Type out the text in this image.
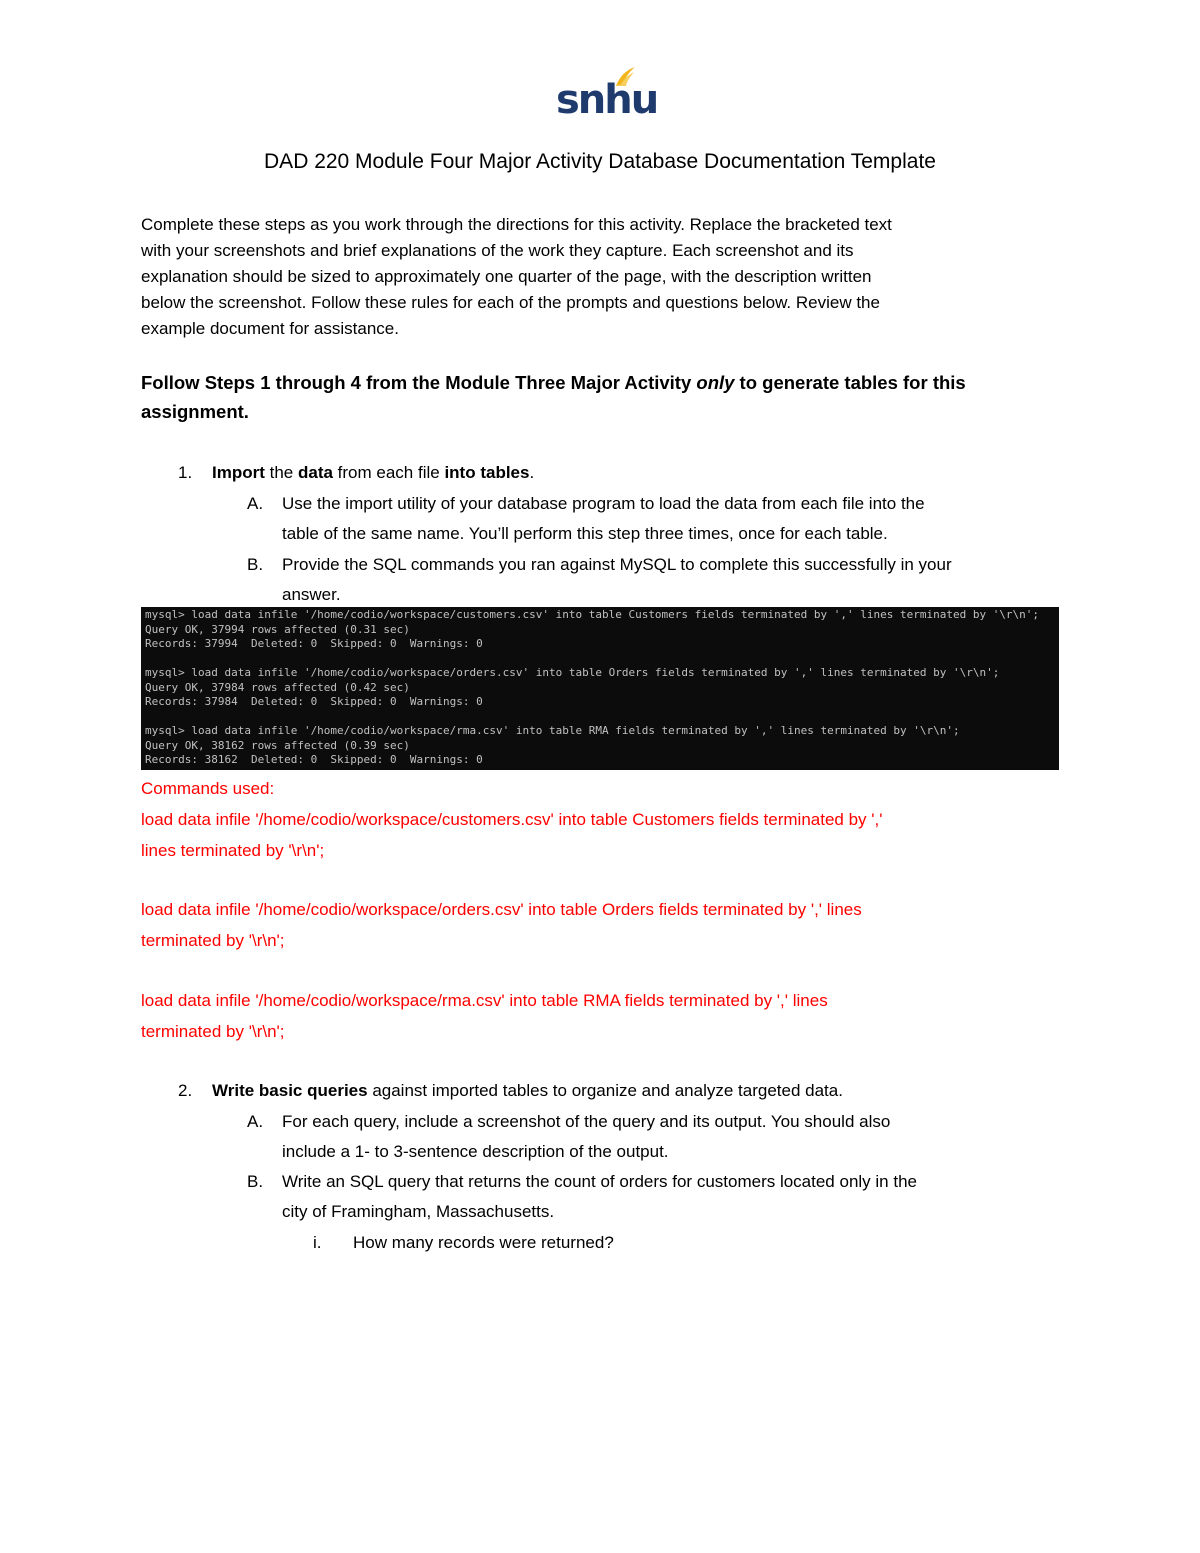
snhu
DAD 220 Module Four Major Activity Database Documentation Template
Complete these steps as you work through the directions for this activity. Replace the bracketed text
with your screenshots and brief explanations of the work they capture. Each screenshot and its
explanation should be sized to approximately one quarter of the page, with the description written
below the screenshot. Follow these rules for each of the prompts and questions below. Review the
example document for assistance.
Follow Steps 1 through 4 from the Module Three Major Activity only to generate tables for this assignment.
1. Import the data from each file into tables.
A. Use the import utility of your database program to load the data from each file into the
table of the same name. You’ll perform this step three times, once for each table.
B. Provide the SQL commands you ran against MySQL to complete this successfully in your
answer.
mysql> load data infile '/home/codio/workspace/customers.csv' into table Customers fields terminated by ',' lines terminated by '\r\n';
Query OK, 37994 rows affected (0.31 sec)
Records: 37994  Deleted: 0  Skipped: 0  Warnings: 0
mysql> load data infile '/home/codio/workspace/orders.csv' into table Orders fields terminated by ',' lines terminated by '\r\n';
Query OK, 37984 rows affected (0.42 sec)
Records: 37984  Deleted: 0  Skipped: 0  Warnings: 0
mysql> load data infile '/home/codio/workspace/rma.csv' into table RMA fields terminated by ',' lines terminated by '\r\n';
Query OK, 38162 rows affected (0.39 sec)
Records: 38162  Deleted: 0  Skipped: 0  Warnings: 0
Commands used:
load data infile '/home/codio/workspace/customers.csv' into table Customers fields terminated by ','
lines terminated by '\r\n';
load data infile '/home/codio/workspace/orders.csv' into table Orders fields terminated by ',' lines
terminated by '\r\n';
load data infile '/home/codio/workspace/rma.csv' into table RMA fields terminated by ',' lines
terminated by '\r\n';
2. Write basic queries against imported tables to organize and analyze targeted data.
A. For each query, include a screenshot of the query and its output. You should also
include a 1- to 3-sentence description of the output.
B. Write an SQL query that returns the count of orders for customers located only in the
city of Framingham, Massachusetts.
i. How many records were returned?
